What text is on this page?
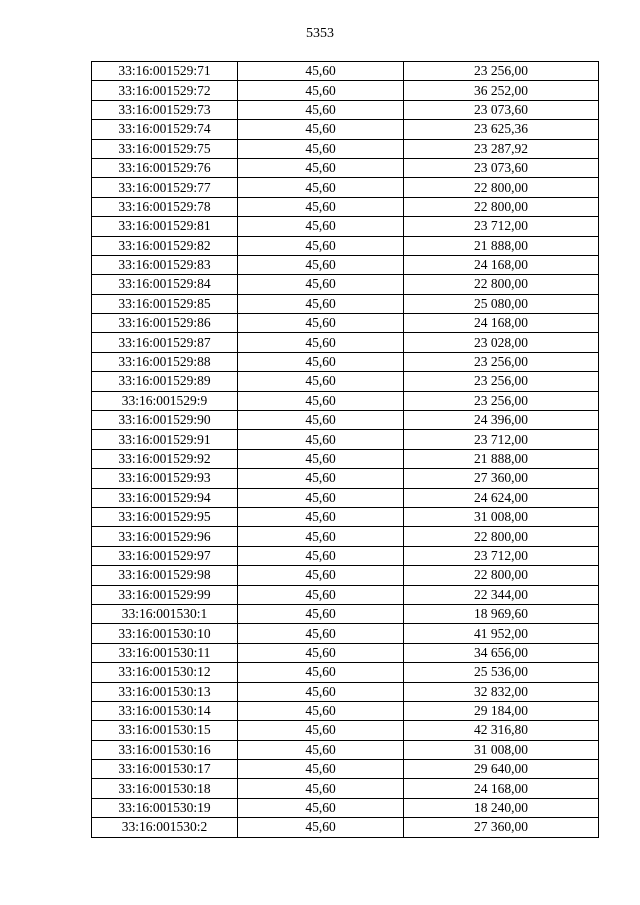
5353
33:16:001529:71	45,60	23 256,00
33:16:001529:72	45,60	36 252,00
33:16:001529:73	45,60	23 073,60
33:16:001529:74	45,60	23 625,36
33:16:001529:75	45,60	23 287,92
33:16:001529:76	45,60	23 073,60
33:16:001529:77	45,60	22 800,00
33:16:001529:78	45,60	22 800,00
33:16:001529:81	45,60	23 712,00
33:16:001529:82	45,60	21 888,00
33:16:001529:83	45,60	24 168,00
33:16:001529:84	45,60	22 800,00
33:16:001529:85	45,60	25 080,00
33:16:001529:86	45,60	24 168,00
33:16:001529:87	45,60	23 028,00
33:16:001529:88	45,60	23 256,00
33:16:001529:89	45,60	23 256,00
33:16:001529:9	45,60	23 256,00
33:16:001529:90	45,60	24 396,00
33:16:001529:91	45,60	23 712,00
33:16:001529:92	45,60	21 888,00
33:16:001529:93	45,60	27 360,00
33:16:001529:94	45,60	24 624,00
33:16:001529:95	45,60	31 008,00
33:16:001529:96	45,60	22 800,00
33:16:001529:97	45,60	23 712,00
33:16:001529:98	45,60	22 800,00
33:16:001529:99	45,60	22 344,00
33:16:001530:1	45,60	18 969,60
33:16:001530:10	45,60	41 952,00
33:16:001530:11	45,60	34 656,00
33:16:001530:12	45,60	25 536,00
33:16:001530:13	45,60	32 832,00
33:16:001530:14	45,60	29 184,00
33:16:001530:15	45,60	42 316,80
33:16:001530:16	45,60	31 008,00
33:16:001530:17	45,60	29 640,00
33:16:001530:18	45,60	24 168,00
33:16:001530:19	45,60	18 240,00
33:16:001530:2	45,60	27 360,00
